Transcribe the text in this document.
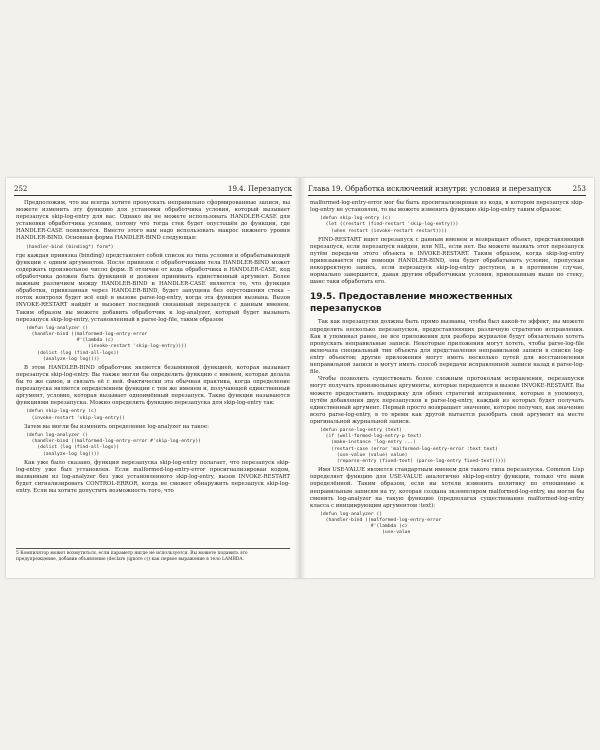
252	19.4. Перезапуск

Предположим, что вы всегда хотите пропускать неправильно сформированные записи, вы можете изменить эту функцию для установки обработчика условия, который вызывает перезапуск skip-log-entry для вас. Однако вы не можете использовать HANDLER-CASE для установки обработчика условия, потому что тогда стек будет опустошён до функции, где HANDLER-CASE появляется. Вместо этого вам надо использовать макрос нижнего уровня HANDLER-BIND. Основная форма HANDLER-BIND следующая:

(handler-bind (binding*) form*)

где каждая привязка (binding) представляет собой список из типа условия и обрабатывающей функции с одним аргументом. После привязок с обработчиками тела HANDLER-BIND может содержать произвольное число форм. В отличие от кода обработчика в HANDLER-CASE, код обработчика должен быть функцией и должен принимать единственный аргумент. Более важным различием между HANDLER-BIND и HANDLER-CASE является то, что функция обработки, привязанная через HANDLER-BIND, будет запущена без опустошения стека – поток контроля будет всё ещё в вызове parse-log-entry, когда эта функция вызвана. Вызов INVOKE-RESTART найдёт и вызовет последний связанный перезапуск с данным именем. Таким образом вы можете добавить обработчик к log-analyzer, который будет вызывать перезапуск skip-log-entry, установленный в parse-log-file, таким образом

(defun log-analyzer ()
(handler-bind ((malformed-log-entry-error
#'(lambda (c)
(invoke-restart 'skip-log-entry))))
(dolist (log (find-all-logs))
(analyze-log log))))

В этом HANDLER-BIND обработчик является безымянной функцией, которая вызывает перезапуск skip-log-entry. Вы также могли бы определить функцию с именем, которая делала бы то же самое, и связать её с ней. Фактически эта обычная практика, когда определение перезапуска является определением функции с тем же именем и, получающей единственный аргумент, условие, которая вызывает одноимённый перезапуск. Такие функции называются функциями перезапуска. Можно определить функцию перезапуска для skip-log-entry так:

(defun skip-log-entry (c)
(invoke-restart 'skip-log-entry))

Затем вы могли бы изменить определение log-analyzer на такое:

(defun log-analyzer ()
(handler-bind ((malformed-log-entry-error #'skip-log-entry))
(dolist (log (find-all-logs))
(analyze-log log))))

Как уже было сказано, функция перезапуска skip-log-entry полагает, что перезапуск skip-log-entry уже был установлен. Если malformed-log-entry-error просигнализирован кодом, вызванным из log-analyzer без уже установленного skip-log-entry, вызов INVOKE-RESTART будет сигнализировать CONTROL-ERROR, когда не сможет обнаружить перезапуск skip-log-entry. Если вы хотите допустить возможность того, что

5 Компилятор может возмутиться, если параметр нигде не используется. Вы можете подавить это предупреждение, добавив объявление (declare (ignore c)) как первое выражение в тело LAMBDA.
Глава 19. Обработка исключений изнутри: условия и перезапуск	253

malformed-log-entry-error мог бы быть просигнализирован из кода, в котором перезапуск skip-log-entry не установлен, то вы можете изменить функцию skip-log-entry таким образом:

(defun skip-log-entry (c)
(let ((restart (find-restart 'skip-log-entry)))
(when restart (invoke-restart restart))))

FIND-RESTART ищет перезапуск с данным именем и возвращает объект, представляющий перезапуск, если перезапуск найден, или NIL, если нет. Вы можете вызвать этот перезапуск путём передачи этого объекта в INVOKE-RESTART. Таким образом, когда skip-log-entry привязывается при помощи HANDLER-BIND, она будет обрабатывать условие, пропуская некорректную запись, если перезапуск skip-log-entry доступен, и в противном случае, нормально завершится, давая другим обработчикам условия, привязанным выше по стеку, шанс таки обработать его.

19.5. Предоставление множественных перезапусков

Так как перезапуски должны быть прямо вызваны, чтобы был какой-то эффект, вы можете определить несколько перезапусков, предоставляющих различную стратегию исправления. Как я упоминал ранее, не все приложения для разбора журналов будут обязательно хотеть пропускать неправильные записи. Некоторые приложения могут хотеть, чтобы parse-log-file включала специальный тип объекта для представления неправильной записи в списке log-entry объектов; другие приложения могут иметь несколько путей для восстановления неправильной записи и могут иметь способ передачи исправленной записи назад в parse-log-file.

Чтобы позволить существовать более сложным протоколам исправления, перезапуски могут получать произвольные аргументы, которые передаются в вызове INVOKE-RESTART. Вы можете предоставить поддержку для обеих стратегий исправления, которые я упомянул, путём добавления двух перезапусков к parse-log-entry, каждый из которых будет получать единственный аргумент. Первый просто возвращает значение, которое получил, как значение всего parse-log-entry, в то время как другой пытается разобрать свой аргумент на месте оригинальной журнальной записи.

(defun parse-log-entry (text)
(if (well-formed-log-entry-p text)
(make-instance 'log-entry ...)
(restart-case (error 'malformed-log-entry-error :text text)
(use-value (value) value)
(reparse-entry (fixed-text) (parse-log-entry fixed-text)))))

Имя USE-VALUE является стандартным именем для такого типа перезапуска. Common Lisp определяет функцию для USE-VALUE аналогично skip-log-entry функции, только что вами определённой. Таким образом, если вы хотели изменить политику по отношению к неправильным записям на ту, которая создана экземпляром malformed-log-entry, вы могли бы сменить log-analyzer на такую функцию (предполагая существование malformed-log-entry класса с инициирующим аргументом :text):

(defun log-analyzer ()
(handler-bind ((malformed-log-entry-error
#'(lambda (c)
(use-value
